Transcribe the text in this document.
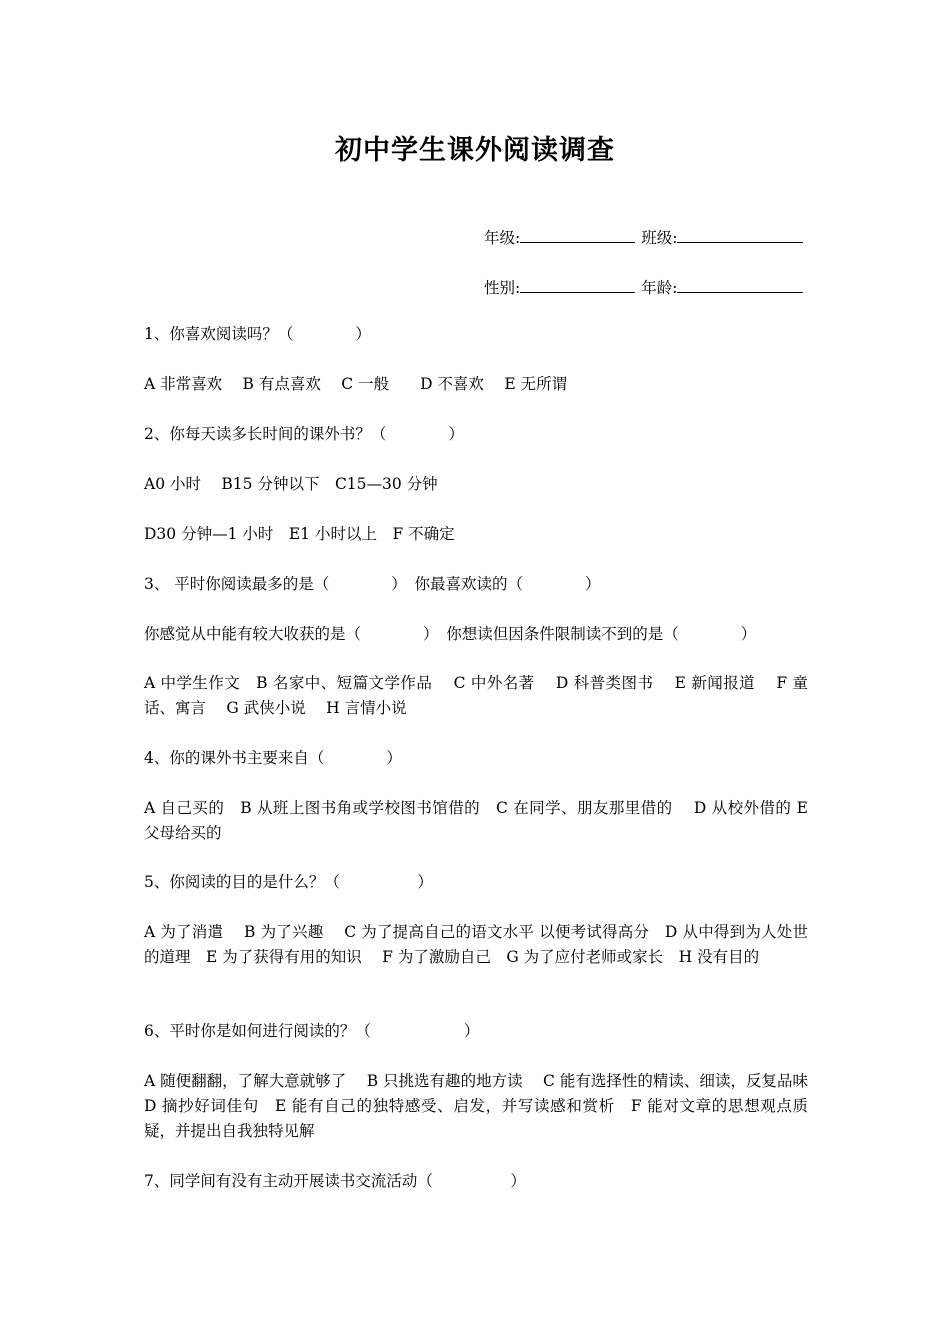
初中学生课外阅读调查
年级:	班级:
性别:	年龄:
1、你喜欢阅读吗？（　　　　）
A 非常喜欢　 B 有点喜欢　 C 一般　　D 不喜欢　 E 无所谓
2、你每天读多长时间的课外书？（　　　　）
A0 小时　 B15 分钟以下　C15—30 分钟
D30 分钟—1 小时　E1 小时以上　F 不确定
3、 平时你阅读最多的是（　　　　）　你最喜欢读的（　　　　）
你感觉从中能有较大收获的是（　　　　）　你想读但因条件限制读不到的是（　　　　）
A 中学生作文　B 名家中、短篇文学作品　 C 中外名著　 D 科普类图书　 E 新闻报道　 F 童话、寓言　 G 武侠小说　 H 言情小说
4、你的课外书主要来自（　　　　）
A 自己买的　B 从班上图书角或学校图书馆借的　C 在同学、朋友那里借的　 D 从校外借的 E 父母给买的
5、你阅读的目的是什么？（　　　　　）
A 为了消遣　 B 为了兴趣　 C 为了提高自己的语文水平 以便考试得高分　D 从中得到为人处世的道理　E 为了获得有用的知识　 F 为了激励自己　G 为了应付老师或家长　H 没有目的
6、平时你是如何进行阅读的？（　　　　　　）
A 随便翻翻，了解大意就够了　 B 只挑选有趣的地方读　 C 能有选择性的精读、细读，反复品味　 D 摘抄好词佳句　E 能有自己的独特感受、启发，并写读感和赏析　F 能对文章的思想观点质疑，并提出自我独特见解
7、同学间有没有主动开展读书交流活动（　　　　　）
